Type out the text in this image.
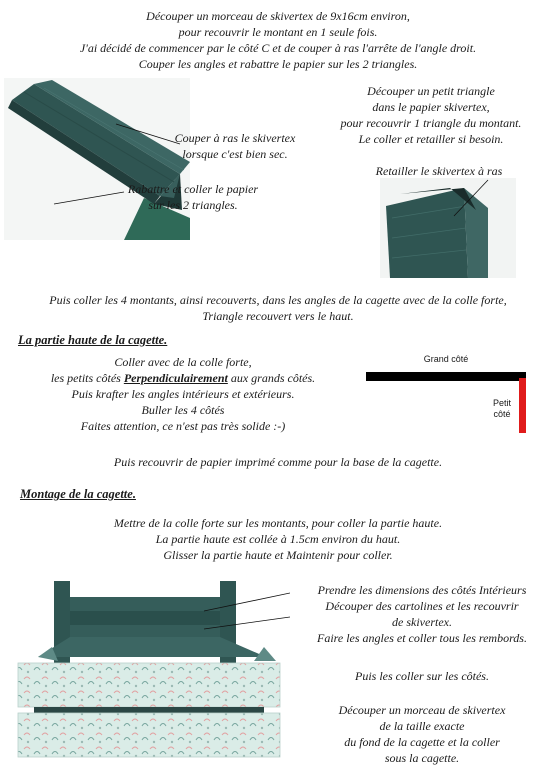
Découper un morceau de skivertex de 9x16cm environ,
pour recouvrir le montant en 1 seule fois.
J'ai décidé de commencer par le côté C et de couper à ras l'arrête de l'angle droit.
Couper les angles et rabattre le papier sur les 2 triangles.
Couper à ras le skivertex
lorsque c'est bien sec.
Rabattre et coller le papier
sur les 2 triangles.
Découper un petit triangle
dans le papier skivertex,
pour recouvrir 1 triangle du montant.
Le coller et retailler si besoin.
Retailler le skivertex à ras
Puis coller les 4 montants, ainsi recouverts, dans les angles de la cagette avec de la colle forte,
Triangle recouvert vers le haut.
La partie haute de la cagette.
Coller avec de la colle forte,
les petits côtés Perpendiculairement aux grands côtés.
Puis krafter les angles intérieurs et extérieurs.
Buller les 4 côtés
Faites attention, ce n'est pas très solide :-)
Grand côté
Petit
côté
Puis recouvrir de papier imprimé comme pour la base de la cagette.
Montage de la cagette.
Mettre de la colle forte sur les montants, pour coller la partie haute.
La partie haute est collée à 1.5cm environ du haut.
Glisser la partie haute et Maintenir pour coller.
Prendre les dimensions des côtés Intérieurs
Découper des cartolines et les recouvrir
de skivertex.
Faire les angles et coller tous les rembords.
Puis les coller sur les côtés.
Découper un morceau de skivertex
de la taille exacte
du fond de la cagette et la coller
sous la cagette.
